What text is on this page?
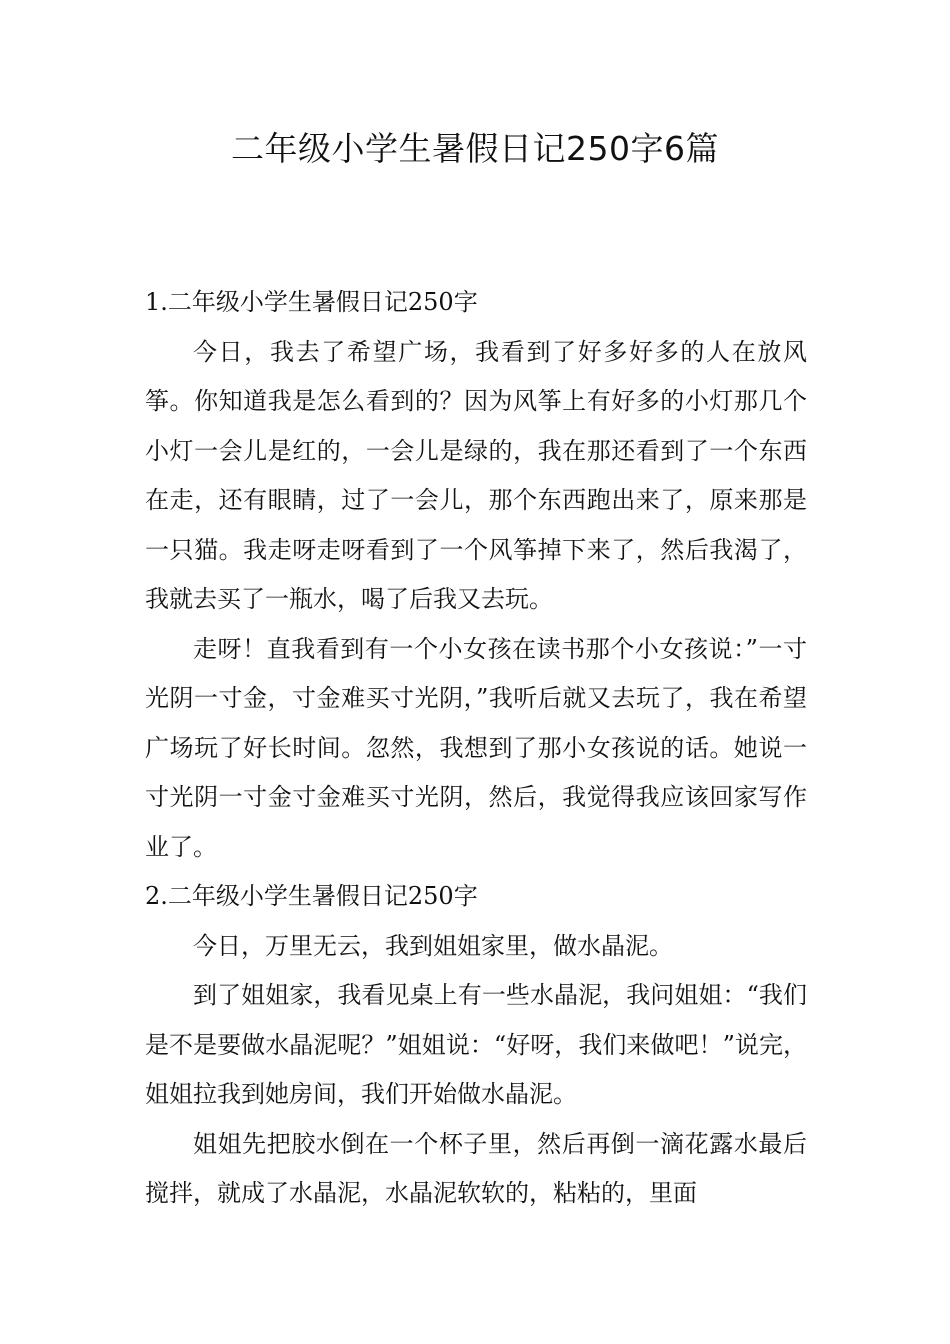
二年级小学生暑假日记250字6篇

1.二年级小学生暑假日记250字

今日，我去了希望广场，我看到了好多好多的人在放风筝。你知道我是怎么看到的？因为风筝上有好多的小灯那几个小灯一会儿是红的，一会儿是绿的，我在那还看到了一个东西在走，还有眼睛，过了一会儿，那个东西跑出来了，原来那是一只猫。我走呀走呀看到了一个风筝掉下来了，然后我渴了，我就去买了一瓶水，喝了后我又去玩。

走呀！直我看到有一个小女孩在读书那个小女孩说：”一寸光阴一寸金，寸金难买寸光阴，”我听后就又去玩了，我在希望广场玩了好长时间。忽然，我想到了那小女孩说的话。她说一寸光阴一寸金寸金难买寸光阴，然后，我觉得我应该回家写作业了。

2.二年级小学生暑假日记250字

今日，万里无云，我到姐姐家里，做水晶泥。

到了姐姐家，我看见桌上有一些水晶泥，我问姐姐：“我们是不是要做水晶泥呢？”姐姐说：“好呀，我们来做吧！”说完，姐姐拉我到她房间，我们开始做水晶泥。

姐姐先把胶水倒在一个杯子里，然后再倒一滴花露水最后搅拌，就成了水晶泥，水晶泥软软的，粘粘的，里面
